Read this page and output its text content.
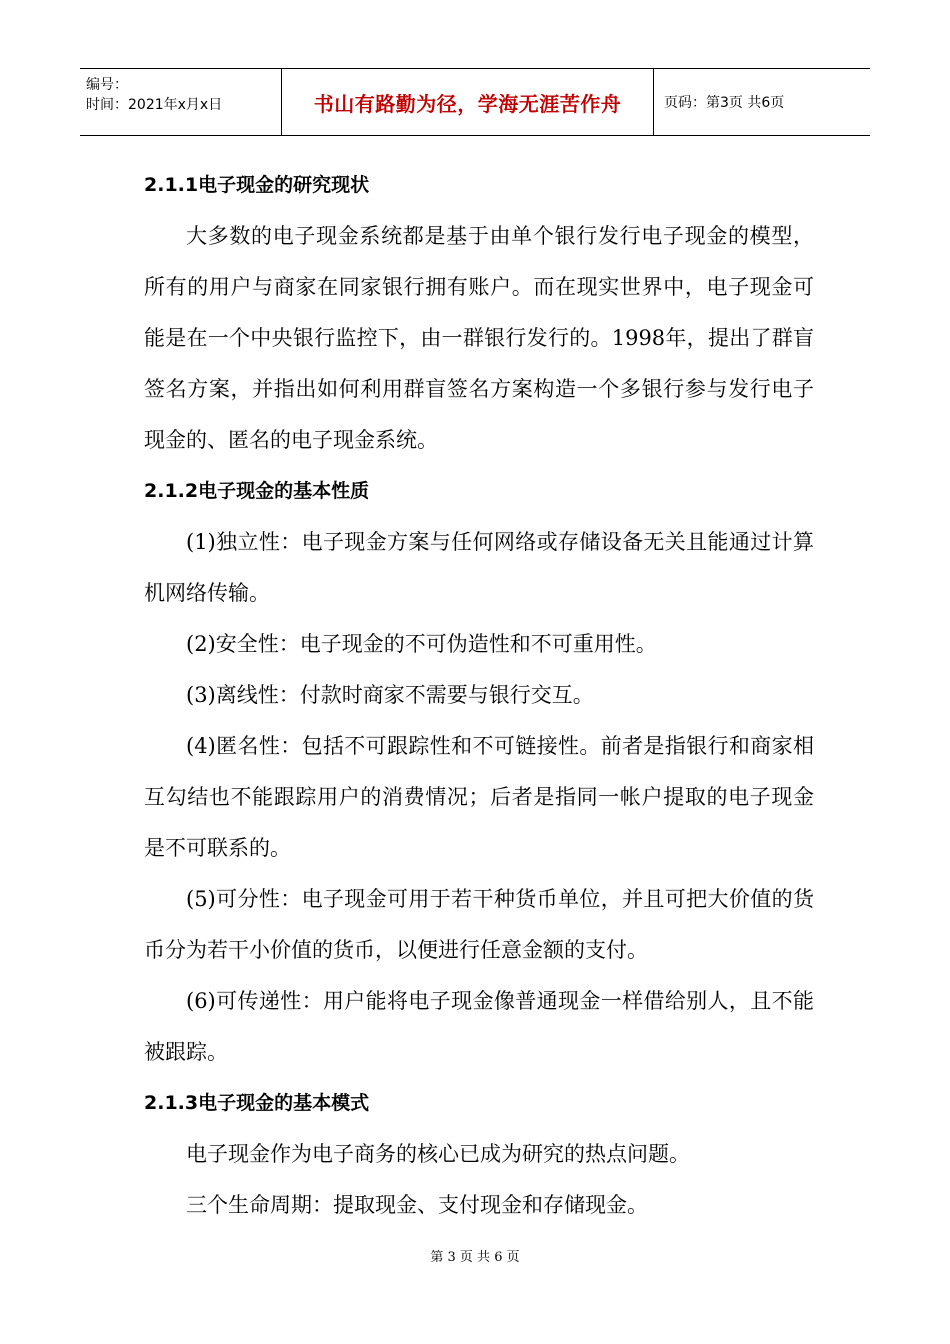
编号：
时间：2021年x月x日	书山有路勤为径，学海无涯苦作舟	页码：第3页 共6页
2.1.1电子现金的研究现状

大多数的电子现金系统都是基于由单个银行发行电子现金的模型，所有的用户与商家在同家银行拥有账户。而在现实世界中，电子现金可能是在一个中央银行监控下，由一群银行发行的。1998年，提出了群盲签名方案，并指出如何利用群盲签名方案构造一个多银行参与发行电子现金的、匿名的电子现金系统。

2.1.2电子现金的基本性质

(1)独立性：电子现金方案与任何网络或存储设备无关且能通过计算机网络传输。

(2)安全性：电子现金的不可伪造性和不可重用性。

(3)离线性：付款时商家不需要与银行交互。

(4)匿名性：包括不可跟踪性和不可链接性。前者是指银行和商家相互勾结也不能跟踪用户的消费情况；后者是指同一帐户提取的电子现金是不可联系的。

(5)可分性：电子现金可用于若干种货币单位，并且可把大价值的货币分为若干小价值的货币，以便进行任意金额的支付。

(6)可传递性：用户能将电子现金像普通现金一样借给别人，且不能被跟踪。

2.1.3电子现金的基本模式

电子现金作为电子商务的核心已成为研究的热点问题。

三个生命周期：提取现金、支付现金和存储现金。

第 3 页 共 6 页
